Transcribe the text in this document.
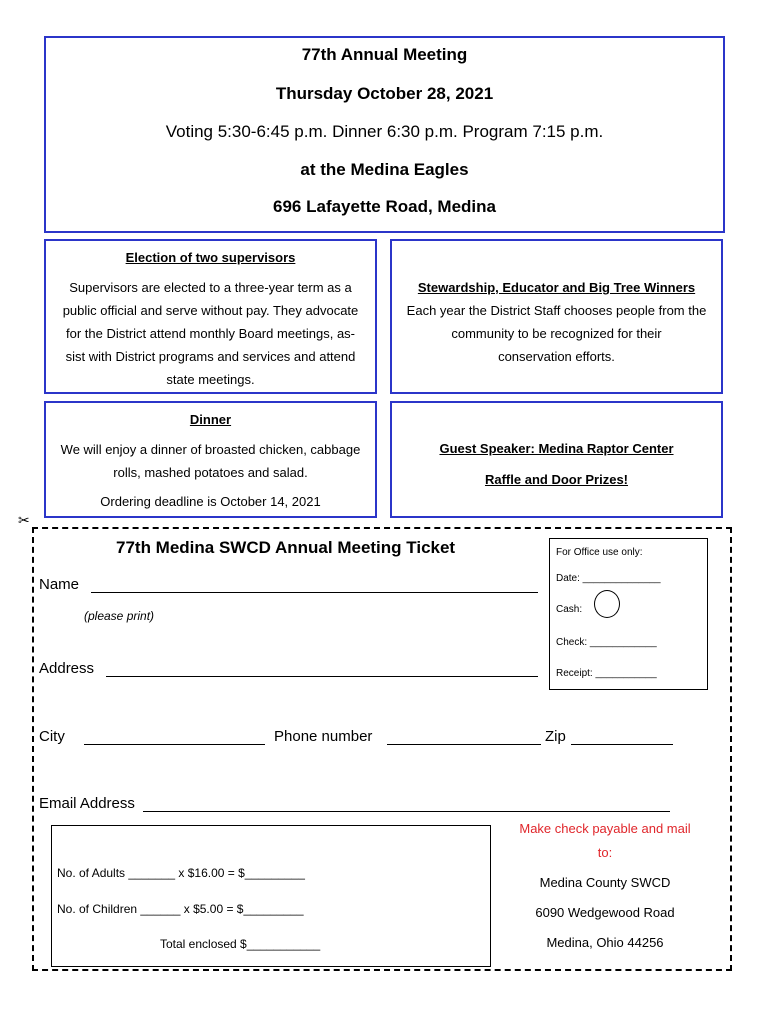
77th Annual Meeting
Thursday October 28, 2021
Voting 5:30-6:45 p.m. Dinner 6:30 p.m. Program 7:15 p.m.
at the Medina Eagles
696 Lafayette Road, Medina
Election of two supervisors
Supervisors are elected to a three-year term as a
public official and serve without pay. They advocate
for the District attend monthly Board meetings, as-
sist with District programs and services and attend
state meetings.
Stewardship, Educator and Big Tree Winners
Each year the District Staff chooses people from the
community to be recognized for their
conservation efforts.
Dinner
We will enjoy a dinner of broasted chicken, cabbage
rolls, mashed potatoes and salad.
Ordering deadline is October 14, 2021
Guest Speaker: Medina Raptor Center
Raffle and Door Prizes!
✂
77th Medina SWCD Annual Meeting Ticket
Name
(please print)
Address
City	Phone number	Zip
Email Address
For Office use only:
Date: ______________
Cash:
Check: ____________
Receipt: ___________
No. of Adults _______ x $16.00 = $_________
No. of Children ______ x $5.00 = $_________
Total enclosed $___________
Make check payable and mail
to:
Medina County SWCD
6090 Wedgewood Road
Medina, Ohio 44256
